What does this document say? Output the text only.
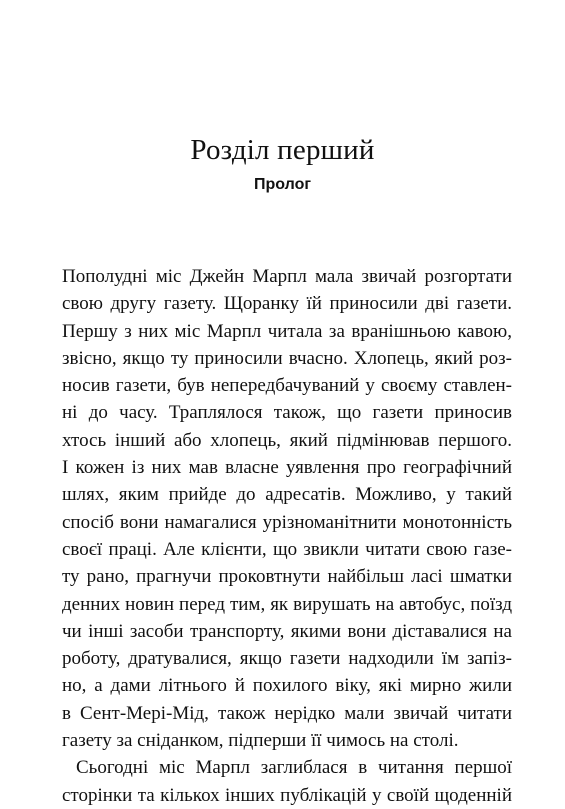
Розділ перший
Пролог

Пополудні міс Джейн Марпл мала звичай розгортати
свою другу газету. Щоранку їй приносили дві газети.
Першу з них міс Марпл читала за вранішньою кавою,
звісно, якщо ту приносили вчасно. Хлопець, який роз-
носив газети, був непередбачуваний у своєму ставлен-
ні до часу. Траплялося також, що газети приносив
хтось інший або хлопець, який підмінював першого.
І кожен із них мав власне уявлення про географічний
шлях, яким прийде до адресатів. Можливо, у такий
спосіб вони намагалися урізноманітнити монотонність
своєї праці. Але клієнти, що звикли читати свою газе-
ту рано, прагнучи проковтнути найбільш ласі шматки
денних новин перед тим, як вирушать на автобус, поїзд
чи інші засоби транспорту, якими вони діставалися на
роботу, дратувалися, якщо газети надходили їм запіз-
но, а дами літнього й похилого віку, які мирно жили
в Сент-Мері-Мід, також нерідко мали звичай читати
газету за сніданком, підперши її чимось на столі.

Сьогодні міс Марпл заглиблася в читання першої
сторінки та кількох інших публікацій у своїй щоденній
